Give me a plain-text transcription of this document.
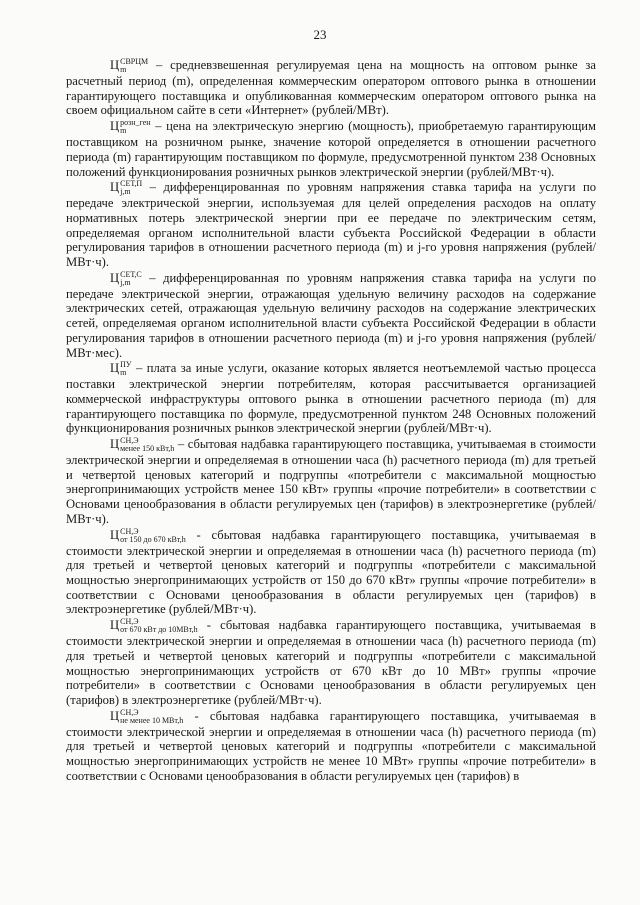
23

Ц СВРЦМ
m	– средневзвешенная регулируемая цена на мощность на оптовом рынке за расчетный период (m), определенная коммерческим оператором оптового рынка в отношении гарантирующего поставщика и опубликованная коммерческим оператором оптового рынка на своем официальном сайте в сети «Интернет» (рублей/МВт).

Ц розн_ген
m	– цена на электрическую энергию (мощность), приобретаемую гарантирующим поставщиком на розничном рынке, значение которой определяется в отношении расчетного периода (m) гарантирующим поставщиком по формуле, предусмотренной пунктом 238 Основных положений функционирования розничных рынков электрической энергии (рублей/МВт·ч).

Ц СЕТ,П
j,m – дифференцированная по уровням напряжения ставка тарифа на услуги по передаче электрической энергии, используемая для целей определения расходов на оплату нормативных потерь электрической энергии при ее передаче по электрическим сетям, определяемая органом исполнительной власти субъекта Российской Федерации в области регулирования тарифов в отношении расчетного периода (m) и j-го уровня напряжения (рублей/МВт·ч).

Ц СЕТ,С
j,m – дифференцированная по уровням напряжения ставка тарифа на услуги по передаче электрической энергии, отражающая удельную величину расходов на содержание электрических сетей, отражающая удельную величину расходов на содержание электрических сетей, определяемая органом исполнительной власти субъекта Российской Федерации в области регулирования тарифов в отношении расчетного периода (m) и j-го уровня напряжения (рублей/МВт·мес).

Ц ПУ
m – плата за иные услуги, оказание которых является неотъемлемой частью процесса поставки электрической энергии потребителям, которая рассчитывается организацией коммерческой инфраструктуры оптового рынка в отношении расчетного периода (m) для гарантирующего поставщика по формуле, предусмотренной пунктом 248 Основных положений функционирования розничных рынков электрической энергии (рублей/МВт·ч).

Ц СН,Э
менее 150 кВт,h – сбытовая надбавка гарантирующего поставщика, учитываемая в стоимости электрической энергии и определяемая в отношении часа (h) расчетного периода (m) для третьей и четвертой ценовых категорий и подгруппы «потребители с максимальной мощностью энергопринимающих устройств менее 150 кВт» группы «прочие потребители» в соответствии с Основами ценообразования в области регулируемых цен (тарифов) в электроэнергетике (рублей/МВт·ч).

Ц СН,Э
от 150 до 670 кВт,h - сбытовая надбавка гарантирующего поставщика, учитываемая в стоимости электрической энергии и определяемая в отношении часа (h) расчетного периода (m) для третьей и четвертой ценовых категорий и подгруппы «потребители с максимальной мощностью энергопринимающих устройств от 150 до 670 кВт» группы «прочие потребители» в соответствии с Основами ценообразования в области регулируемых цен (тарифов) в электроэнергетике (рублей/МВт·ч).

Ц СН,Э
от 670 кВт до 10МВт,h - сбытовая надбавка гарантирующего поставщика, учитываемая в стоимости электрической энергии и определяемая в отношении часа (h) расчетного периода (m) для третьей и четвертой ценовых категорий и подгруппы «потребители с максимальной мощностью энергопринимающих устройств от 670 кВт до 10 МВт» группы «прочие потребители» в соответствии с Основами ценообразования в области регулируемых цен (тарифов) в электроэнергетике (рублей/МВт·ч).

Ц СН,Э
не менее 10 МВт,h - сбытовая надбавка гарантирующего поставщика, учитываемая в стоимости электрической энергии и определяемая в отношении часа (h) расчетного периода (m) для третьей и четвертой ценовых категорий и подгруппы «потребители с максимальной мощностью энергопринимающих устройств не менее 10 МВт» группы «прочие потребители» в соответствии с Основами ценообразования в области регулируемых цен (тарифов) в
